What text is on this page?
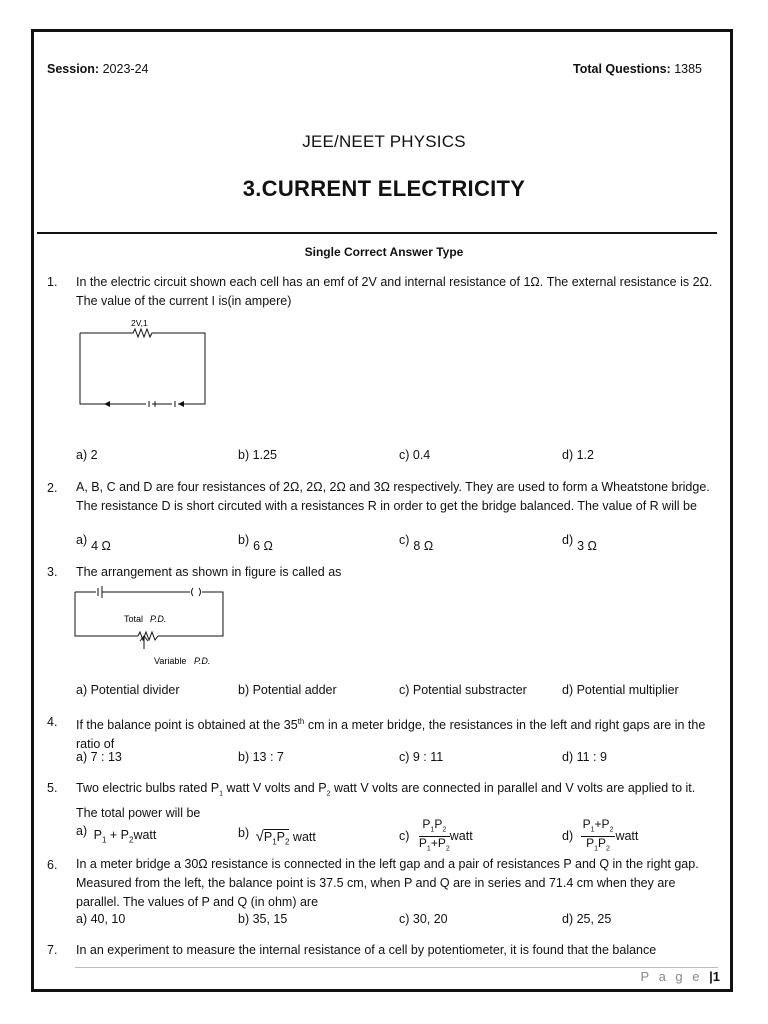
Session: 2023-24	Total Questions: 1385
JEE/NEET PHYSICS
3.CURRENT ELECTRICITY
Single Correct Answer Type
1. In the electric circuit shown each cell has an emf of 2V and internal resistance of 1Ω. The external resistance is 2Ω. The value of the current I is(in ampere)
2V,1
a) 2	b) 1.25	c) 0.4	d) 1.2
2. A, B, C and D are four resistances of 2Ω, 2Ω, 2Ω and 3Ω respectively. They are used to form a Wheatstone bridge. The resistance D is short circuted with a resistances R in order to get the bridge balanced. The value of R will be
a) 4 Ω	b) 6 Ω	c) 8 Ω	d) 3 Ω
3. The arrangement as shown in figure is called as
Total P.D.
Variable P.D.
a) Potential divider	b) Potential adder	c) Potential substracter	d) Potential multiplier
4. If the balance point is obtained at the 35th cm in a meter bridge, the resistances in the left and right gaps are in the ratio of
a) 7 : 13	b) 13 : 7	c) 9 : 11	d) 11 : 9
5. Two electric bulbs rated $P_1$ watt V volts and $P_2$ watt V volts are connected in parallel and V volts are applied to it. The total power will be
a) $P_1$ + $P_2watt$	b) $√P_1P_2$ watt	$c) \frac{P_1P_2}{P_1+P_2}$ watt	$d) \frac{P_1+P_2}{P_1P_2}$ watt
6. In a meter bridge a 30Ω resistance is connected in the left gap and a pair of resistances P and Q in the right gap. Measured from the left, the balance point is 37.5 cm, when P and Q are in series and 71.4 cm when they are parallel. The values of P and Q (in ohm) are
a) 40, 10	b) 35, 15	c) 30, 20	d) 25, 25
7. In an experiment to measure the internal resistance of a cell by potentiometer, it is found that the balance
P a g e |1
